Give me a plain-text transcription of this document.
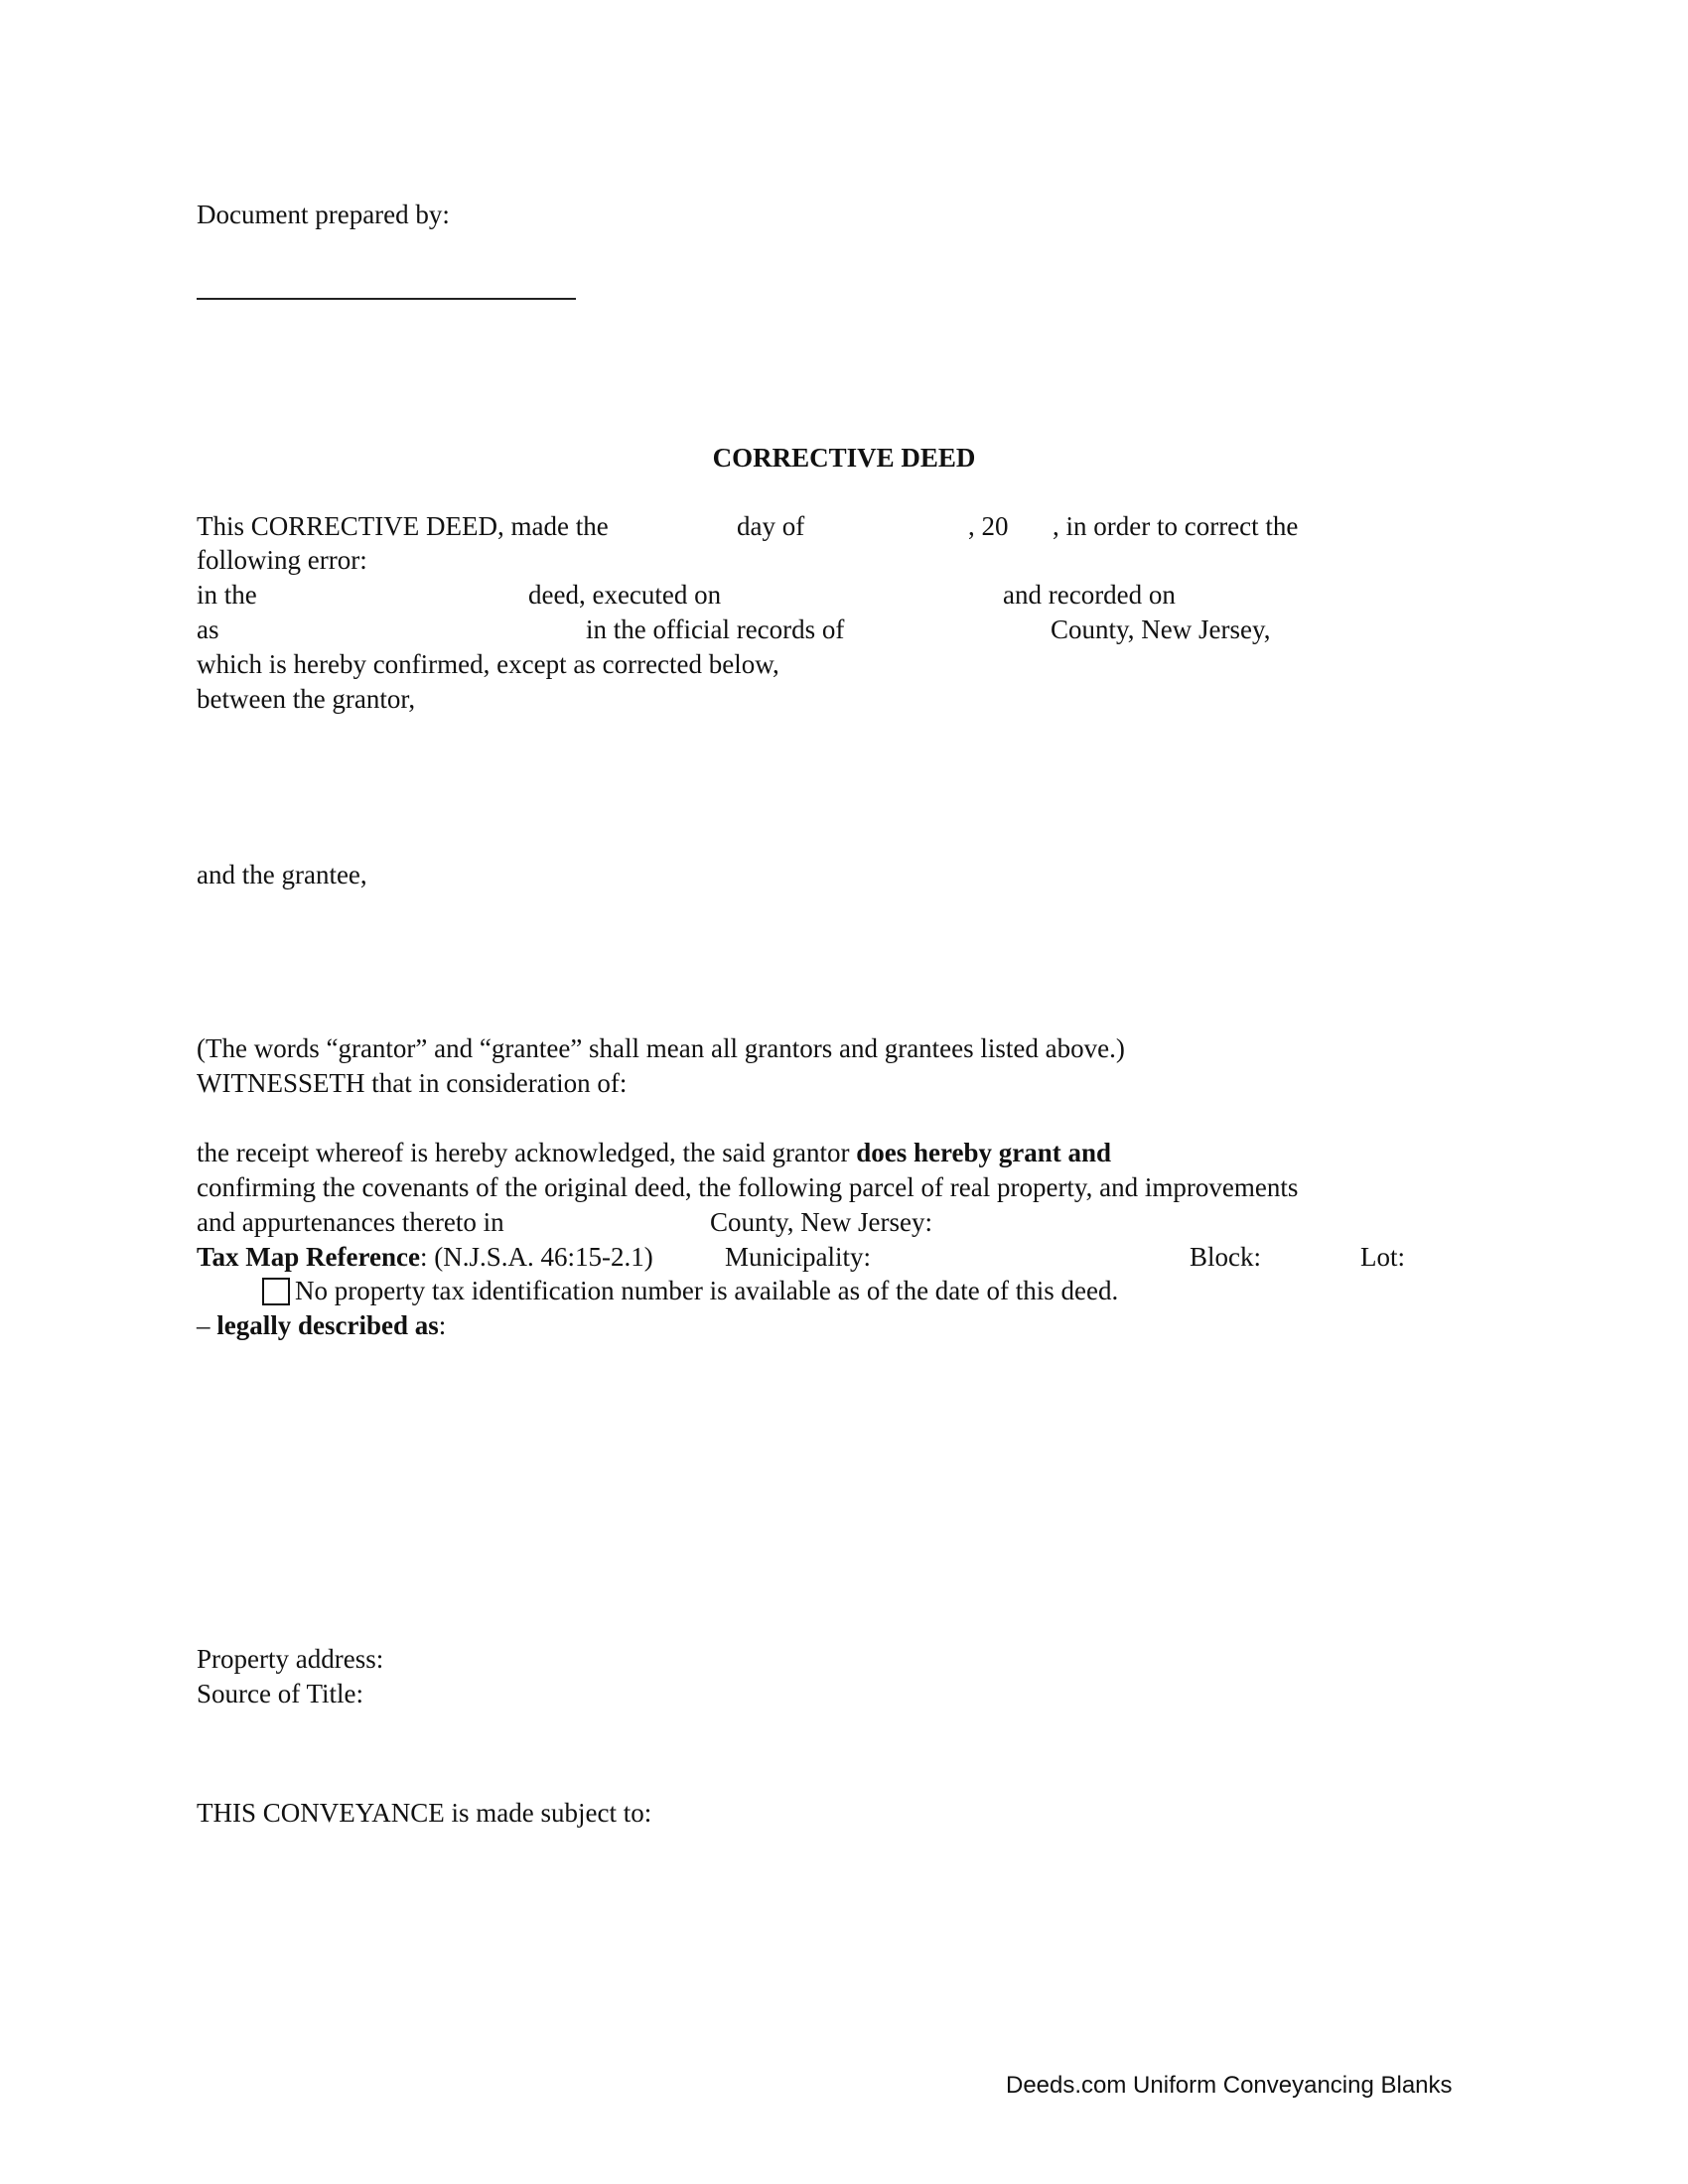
Document prepared by:
CORRECTIVE DEED
This CORRECTIVE DEED, made the	day of	, 20 , in order to correct the
following error:
in the	deed, executed on	and recorded on
as	in the official records of	County, New Jersey,
which is hereby confirmed, except as corrected below,
between the grantor,
and the grantee,
(The words “grantor” and “grantee” shall mean all grantors and grantees listed above.)
WITNESSETH that in consideration of:
the receipt whereof is hereby acknowledged, the said grantor does hereby grant and
confirming the covenants of the original deed, the following parcel of real property, and improvements
and appurtenances thereto in	County, New Jersey:
Tax Map Reference: (N.J.S.A. 46:15-2.1)	Municipality:	Block:	Lot:
No property tax identification number is available as of the date of this deed.
– legally described as:
Property address:
Source of Title:
THIS CONVEYANCE is made subject to:
Deeds.com Uniform Conveyancing Blanks
